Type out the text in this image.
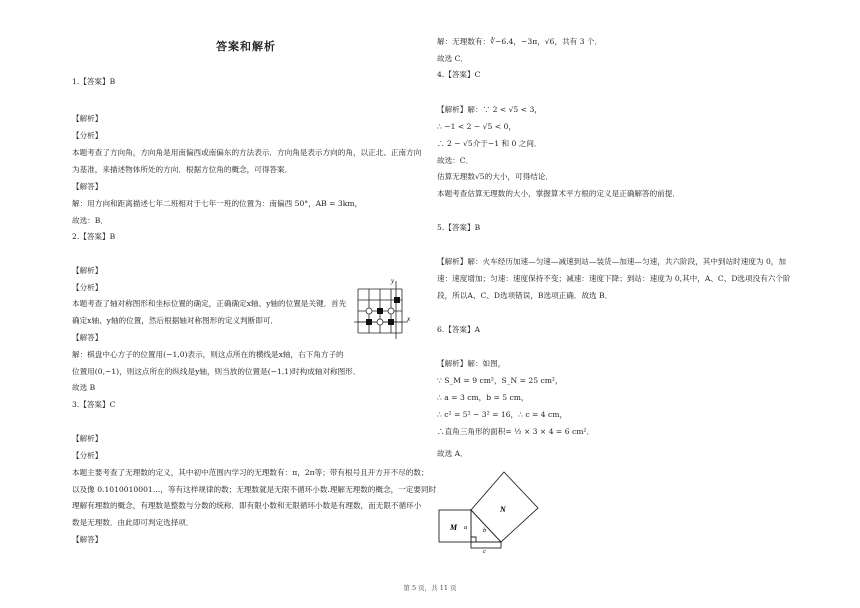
答案和解析
1.【答案】B
【解析】
【分析】
本题考查了方向角，方向角是用南偏西或南偏东的方法表示．方向角是表示方向的角，以正北、正南方向
为基准，来描述物体所处的方向．根据方位角的概念，可得答案．
【解答】
解：用方向和距离描述七年二班相对于七年一班的位置为：南偏西 50°，AB = 3km，
故选：B．
2.【答案】B
【解析】
【分析】
本题考查了轴对称图形和坐标位置的确定，正确确定x轴、y轴的位置是关键．首先
确定x轴、y轴的位置，然后根据轴对称图形的定义判断即可．
【解答】
解：棋盘中心方子的位置用(−1,0)表示，则这点所在的横线是x轴，右下角方子的
位置用(0,−1)，则这点所在的纵线是y轴，则当放的位置是(−1,1)时构成轴对称图形．
故选 B
3.【答案】C
【解析】
【分析】
本题主要考查了无理数的定义，其中初中范围内学习的无理数有：π，2π等；带有根号且开方开不尽的数；
以及像 0.1010010001…，等有这样规律的数；无理数就是无限不循环小数.理解无理数的概念，一定要同时
理解有理数的概念，有理数是整数与分数的统称．即有限小数和无限循环小数是有理数，而无限不循环小
数是无理数．由此即可判定选择项．
【解答】
y
x
解：无理数有：∛−6.4，−3π，√6，共有 3 个．
故选 C．
4.【答案】C
【解析】解：∵ 2 < √5 < 3，
∴ −1 < 2 − √5 < 0，
∴ 2 − √5介于−1 和 0 之间．
故选：C．
估算无理数√5的大小，可得结论．
本题考查估算无理数的大小，掌握算术平方根的定义是正确解答的前提．
5.【答案】B
【解析】解：火车经历加速—匀速—减速到站—装货—加速—匀速，共六阶段，其中到站时速度为 0，加
速：速度增加；匀速：速度保持不变；减速：速度下降；到站：速度为 0,其中，A、C、D选项没有六个阶
段，所以A、C、D选项错误，B选项正确．故选 B．
6.【答案】A
【解析】解：如图，
∵ S_M = 9 cm²，S_N = 25 cm²，
∴ a = 3 cm，b = 5 cm，
∴ c² = 5² − 3² = 16，∴ c = 4 cm，
∴直角三角形的面积= ½ × 3 × 4 = 6 cm²．
故选 A．
M
N
a b
c
第 5 页，共 11 页
